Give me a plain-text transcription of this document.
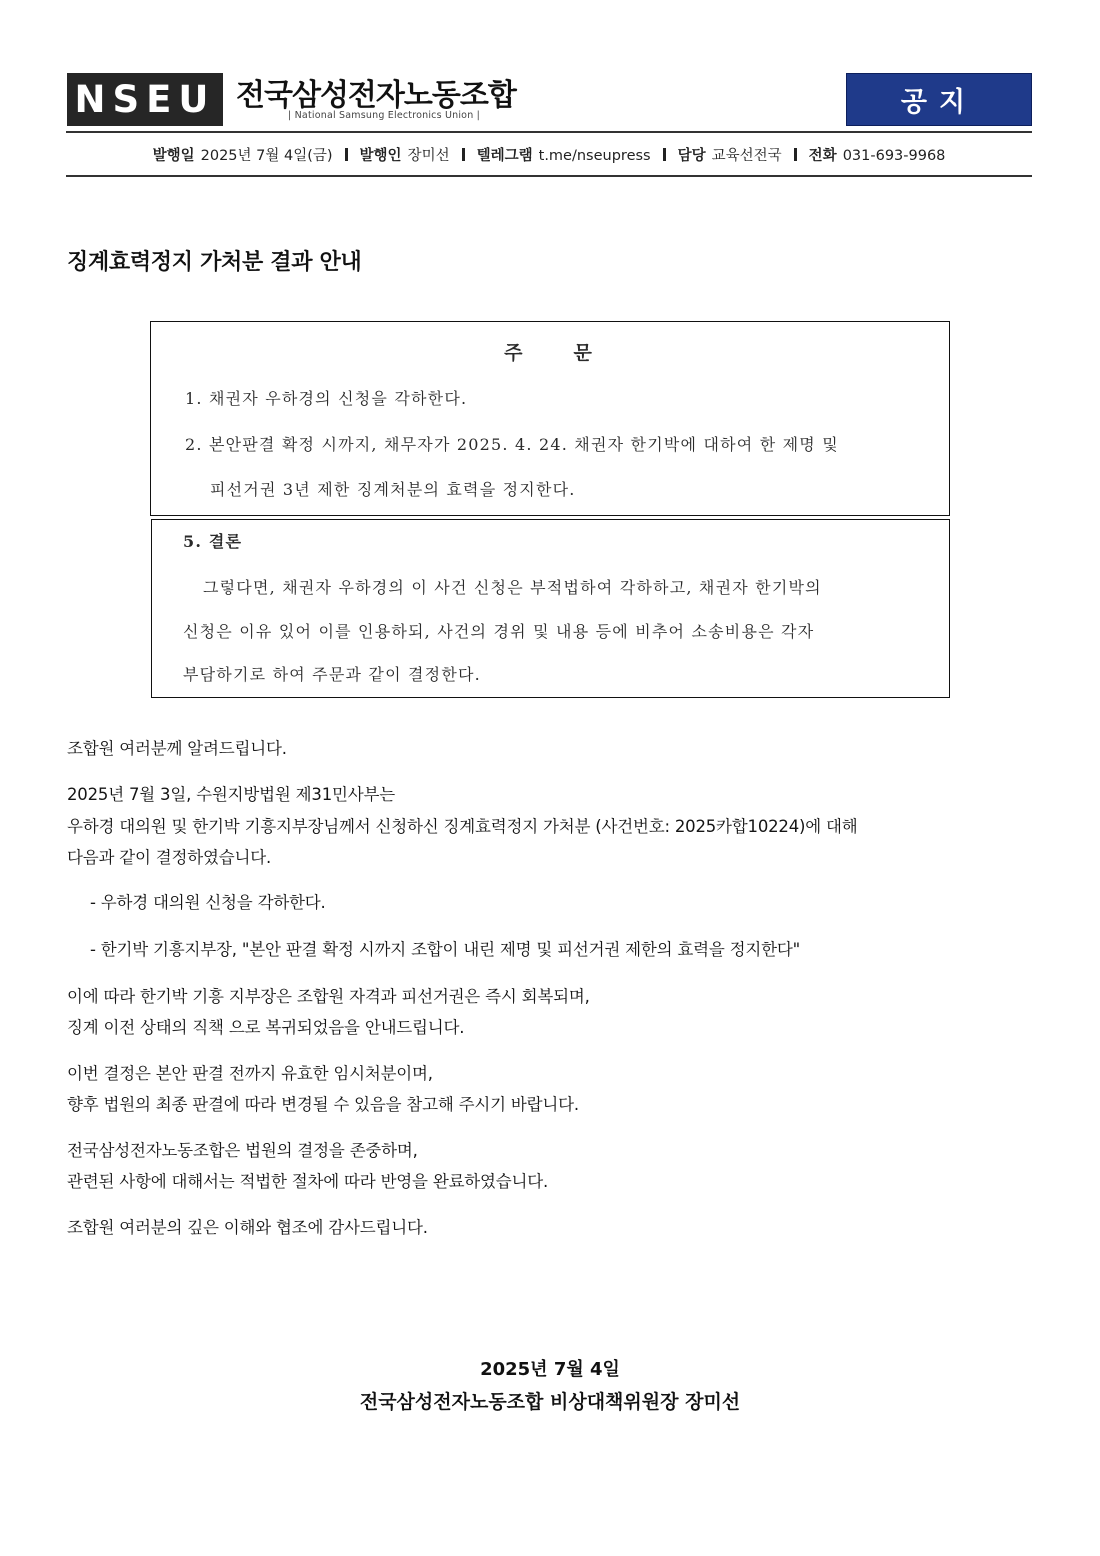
NSEU 전국삼성전자노동조합
| National Samsung Electronics Union |	공지
발행일 2025년 7월 4일(금) 발행인 장미선 텔레그램 t.me/nseupress 담당 교육선전국 전화 031-693-9968
징계효력정지 가처분 결과 안내
주     문
1. 채권자 우하경의 신청을 각하한다.
2. 본안판결 확정 시까지, 채무자가 2025. 4. 24. 채권자 한기박에 대하여 한 제명 및
피선거권 3년 제한 징계처분의 효력을 정지한다.
5. 결론
그렇다면, 채권자 우하경의 이 사건 신청은 부적법하여 각하하고, 채권자 한기박의
신청은 이유 있어 이를 인용하되, 사건의 경위 및 내용 등에 비추어 소송비용은 각자
부담하기로 하여 주문과 같이 결정한다.
조합원 여러분께 알려드립니다.
2025년 7월 3일, 수원지방법원 제31민사부는
우하경 대의원 및 한기박 기흥지부장님께서 신청하신 징계효력정지 가처분 (사건번호: 2025카합10224)에 대해
다음과 같이 결정하였습니다.
- 우하경 대의원 신청을 각하한다.
- 한기박 기흥지부장, "본안 판결 확정 시까지 조합이 내린 제명 및 피선거권 제한의 효력을 정지한다"
이에 따라 한기박 기흥 지부장은 조합원 자격과 피선거권은 즉시 회복되며,
징계 이전 상태의 직책 으로 복귀되었음을 안내드립니다.
이번 결정은 본안 판결 전까지 유효한 임시처분이며,
향후 법원의 최종 판결에 따라 변경될 수 있음을 참고해 주시기 바랍니다.
전국삼성전자노동조합은 법원의 결정을 존중하며,
관련된 사항에 대해서는 적법한 절차에 따라 반영을 완료하였습니다.
조합원 여러분의 깊은 이해와 협조에 감사드립니다.
2025년 7월 4일
전국삼성전자노동조합 비상대책위원장 장미선
